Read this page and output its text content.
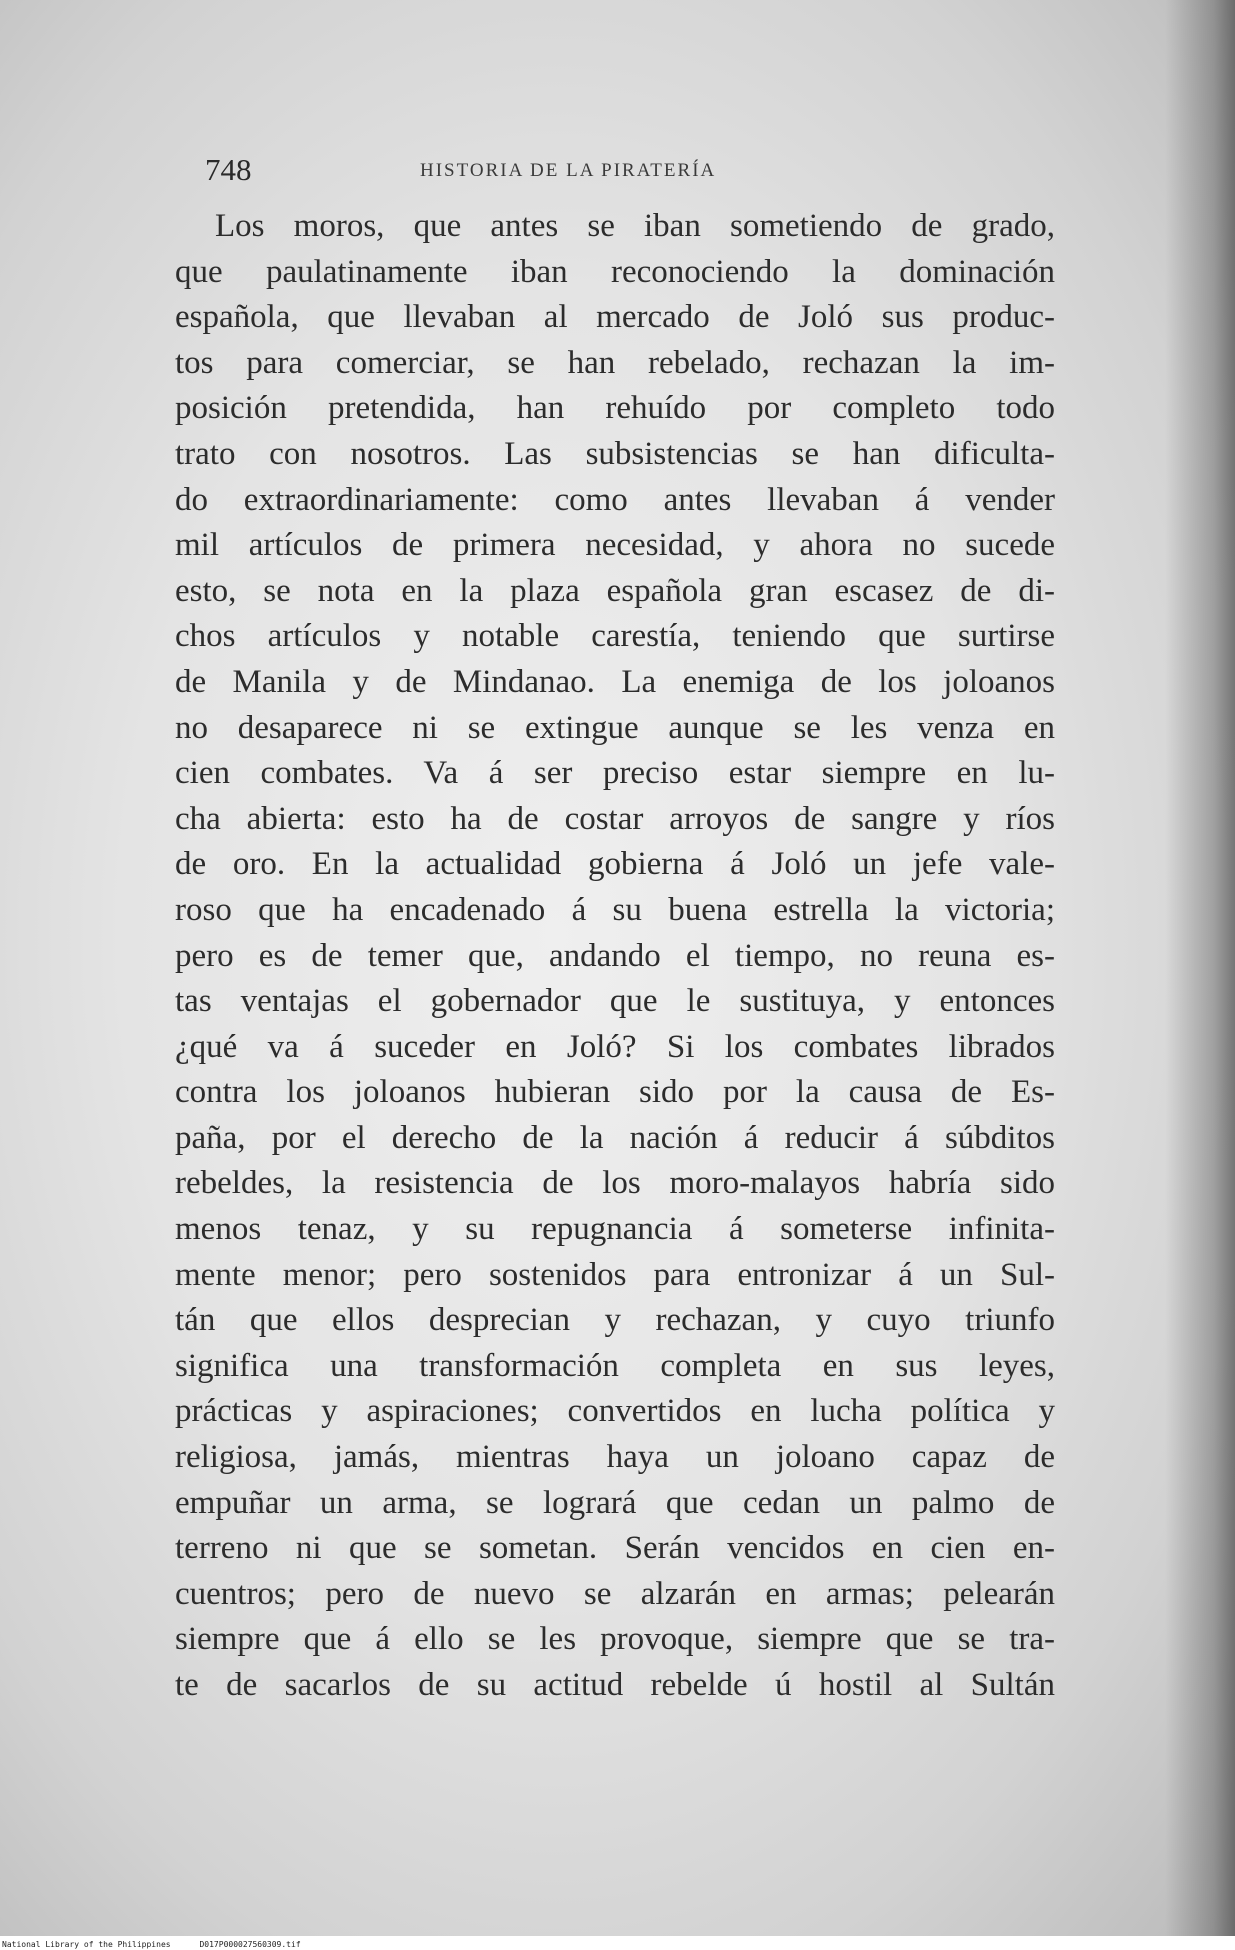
748	HISTORIA DE LA PIRATERÍA
Los moros, que antes se iban sometiendo de grado,
que paulatinamente iban reconociendo la dominación
española, que llevaban al mercado de Joló sus produc-
tos para comerciar, se han rebelado, rechazan la im-
posición pretendida, han rehuído por completo todo
trato con nosotros. Las subsistencias se han dificulta-
do extraordinariamente: como antes llevaban á vender
mil artículos de primera necesidad, y ahora no sucede
esto, se nota en la plaza española gran escasez de di-
chos artículos y notable carestía, teniendo que surtirse
de Manila y de Mindanao. La enemiga de los joloanos
no desaparece ni se extingue aunque se les venza en
cien combates. Va á ser preciso estar siempre en lu-
cha abierta: esto ha de costar arroyos de sangre y ríos
de oro. En la actualidad gobierna á Joló un jefe vale-
roso que ha encadenado á su buena estrella la victoria;
pero es de temer que, andando el tiempo, no reuna es-
tas ventajas el gobernador que le sustituya, y entonces
¿qué va á suceder en Joló? Si los combates librados
contra los joloanos hubieran sido por la causa de Es-
paña, por el derecho de la nación á reducir á súbditos
rebeldes, la resistencia de los moro-malayos habría sido
menos tenaz, y su repugnancia á someterse infinita-
mente menor; pero sostenidos para entronizar á un Sul-
tán que ellos desprecian y rechazan, y cuyo triunfo
significa una transformación completa en sus leyes,
prácticas y aspiraciones; convertidos en lucha política y
religiosa, jamás, mientras haya un joloano capaz de
empuñar un arma, se logrará que cedan un palmo de
terreno ni que se sometan. Serán vencidos en cien en-
cuentros; pero de nuevo se alzarán en armas; pelearán
siempre que á ello se les provoque, siempre que se tra-
te de sacarlos de su actitud rebelde ú hostil al Sultán
National Library of the Philippines	D017P000027560309.tif
